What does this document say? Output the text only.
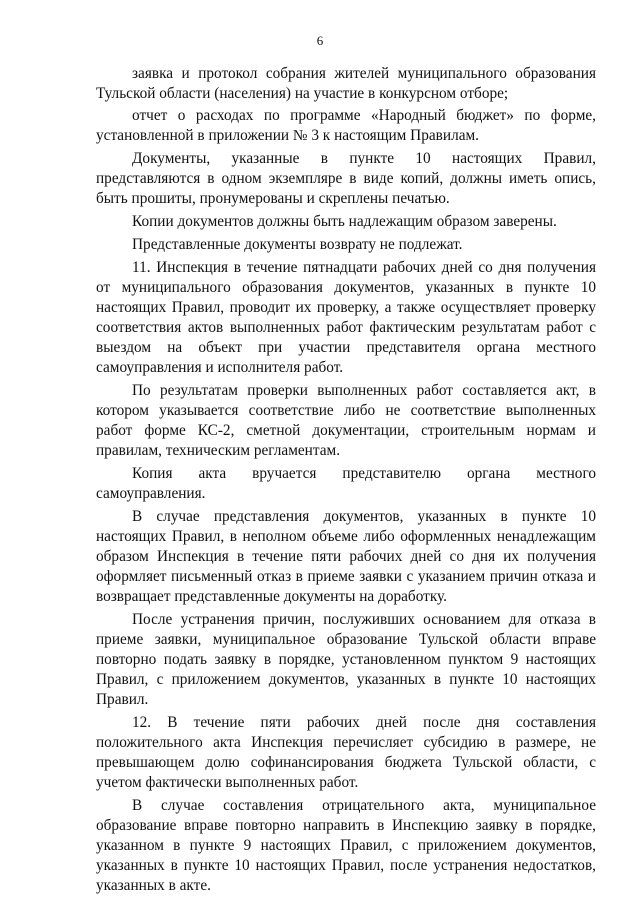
6

заявка и протокол собрания жителей муниципального образования Тульской области (населения) на участие в конкурсном отборе;

отчет о расходах по программе «Народный бюджет» по форме, установленной в приложении № 3 к настоящим Правилам.

Документы, указанные в пункте 10 настоящих Правил, представляются в одном экземпляре в виде копий, должны иметь опись, быть прошиты, пронумерованы и скреплены печатью.

Копии документов должны быть надлежащим образом заверены.

Представленные документы возврату не подлежат.

11. Инспекция в течение пятнадцати рабочих дней со дня получения от муниципального образования документов, указанных в пункте 10 настоящих Правил, проводит их проверку, а также осуществляет проверку соответствия актов выполненных работ фактическим результатам работ с выездом на объект при участии представителя органа местного самоуправления и исполнителя работ.

По результатам проверки выполненных работ составляется акт, в котором указывается соответствие либо не соответствие выполненных работ форме КС-2, сметной документации, строительным нормам и правилам, техническим регламентам.

Копия акта вручается представителю органа местного самоуправления.

В случае представления документов, указанных в пункте 10 настоящих Правил, в неполном объеме либо оформленных ненадлежащим образом Инспекция в течение пяти рабочих дней со дня их получения оформляет письменный отказ в приеме заявки с указанием причин отказа и возвращает представленные документы на доработку.

После устранения причин, послуживших основанием для отказа в приеме заявки, муниципальное образование Тульской области вправе повторно подать заявку в порядке, установленном пунктом 9 настоящих Правил, с приложением документов, указанных в пункте 10 настоящих Правил.

12. В течение пяти рабочих дней после дня составления положительного акта Инспекция перечисляет субсидию в размере, не превышающем долю софинансирования бюджета Тульской области, с учетом фактически выполненных работ.

В случае составления отрицательного акта, муниципальное образование вправе повторно направить в Инспекцию заявку в порядке, указанном в пункте 9 настоящих Правил, с приложением документов, указанных в пункте 10 настоящих Правил, после устранения недостатков, указанных в акте.
